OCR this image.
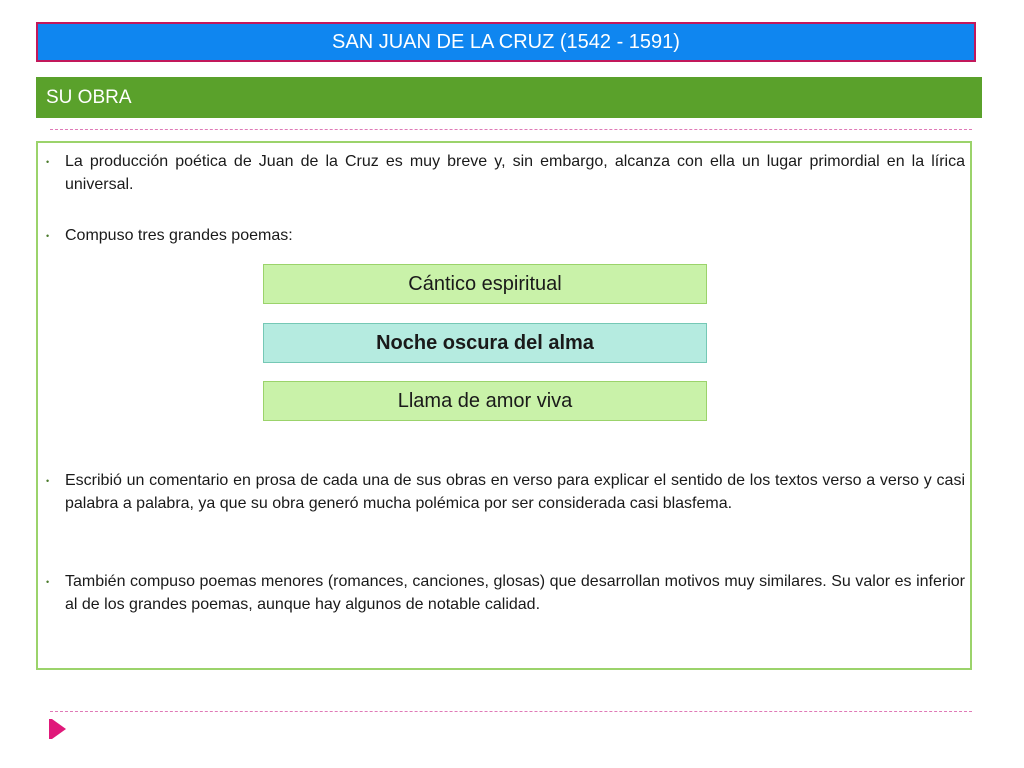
SAN JUAN DE LA CRUZ (1542 - 1591)
SU OBRA
• La producción poética de Juan de la Cruz es muy breve y, sin embargo, alcanza con ella un lugar primordial en la lírica universal.
• Compuso tres grandes poemas:
Cántico espiritual
Noche oscura del alma
Llama de amor viva
• Escribió un comentario en prosa de cada una de sus obras en verso para explicar el sentido de los textos verso a verso y casi palabra a palabra, ya que su obra generó mucha polémica por ser considerada casi blasfema.
• También compuso poemas menores (romances, canciones, glosas) que desarrollan motivos muy similares. Su valor es inferior al de los grandes poemas, aunque hay algunos de notable calidad.
